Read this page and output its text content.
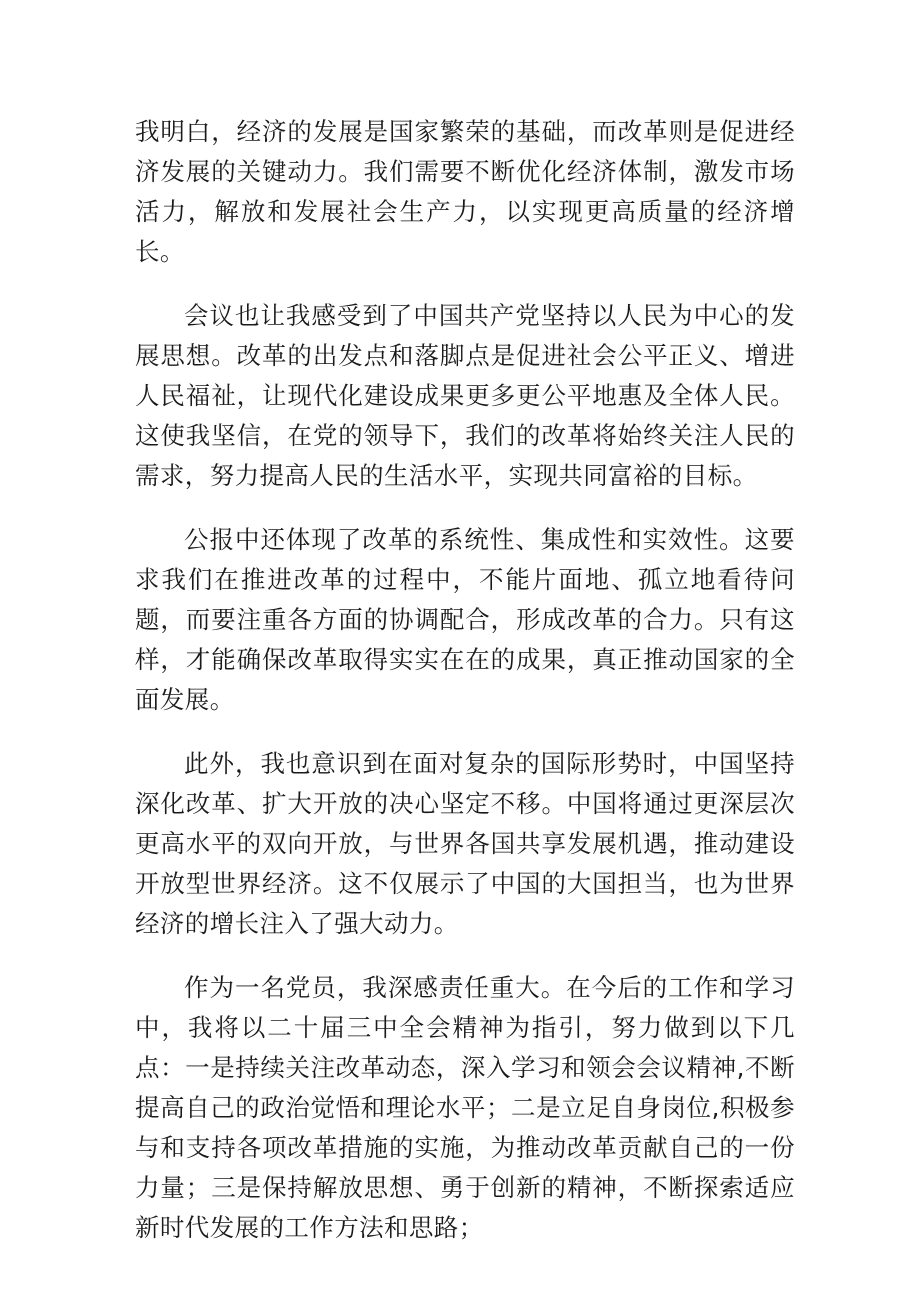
我明白，经济的发展是国家繁荣的基础，而改革则是促进经济发展的关键动力。我们需要不断优化经济体制，激发市场活力，解放和发展社会生产力，以实现更高质量的经济增长。

会议也让我感受到了中国共产党坚持以人民为中心的发展思想。改革的出发点和落脚点是促进社会公平正义、增进人民福祉，让现代化建设成果更多更公平地惠及全体人民。这使我坚信，在党的领导下，我们的改革将始终关注人民的需求，努力提高人民的生活水平，实现共同富裕的目标。

公报中还体现了改革的系统性、集成性和实效性。这要求我们在推进改革的过程中，不能片面地、孤立地看待问题，而要注重各方面的协调配合，形成改革的合力。只有这样，才能确保改革取得实实在在的成果，真正推动国家的全面发展。

此外，我也意识到在面对复杂的国际形势时，中国坚持深化改革、扩大开放的决心坚定不移。中国将通过更深层次更高水平的双向开放，与世界各国共享发展机遇，推动建设开放型世界经济。这不仅展示了中国的大国担当，也为世界经济的增长注入了强大动力。

作为一名党员，我深感责任重大。在今后的工作和学习中，我将以二十届三中全会精神为指引，努力做到以下几点：一是持续关注改革动态，深入学习和领会会议精神,不断提高自己的政治觉悟和理论水平；二是立足自身岗位,积极参与和支持各项改革措施的实施，为推动改革贡献自己的一份力量；三是保持解放思想、勇于创新的精神，不断探索适应新时代发展的工作方法和思路；
